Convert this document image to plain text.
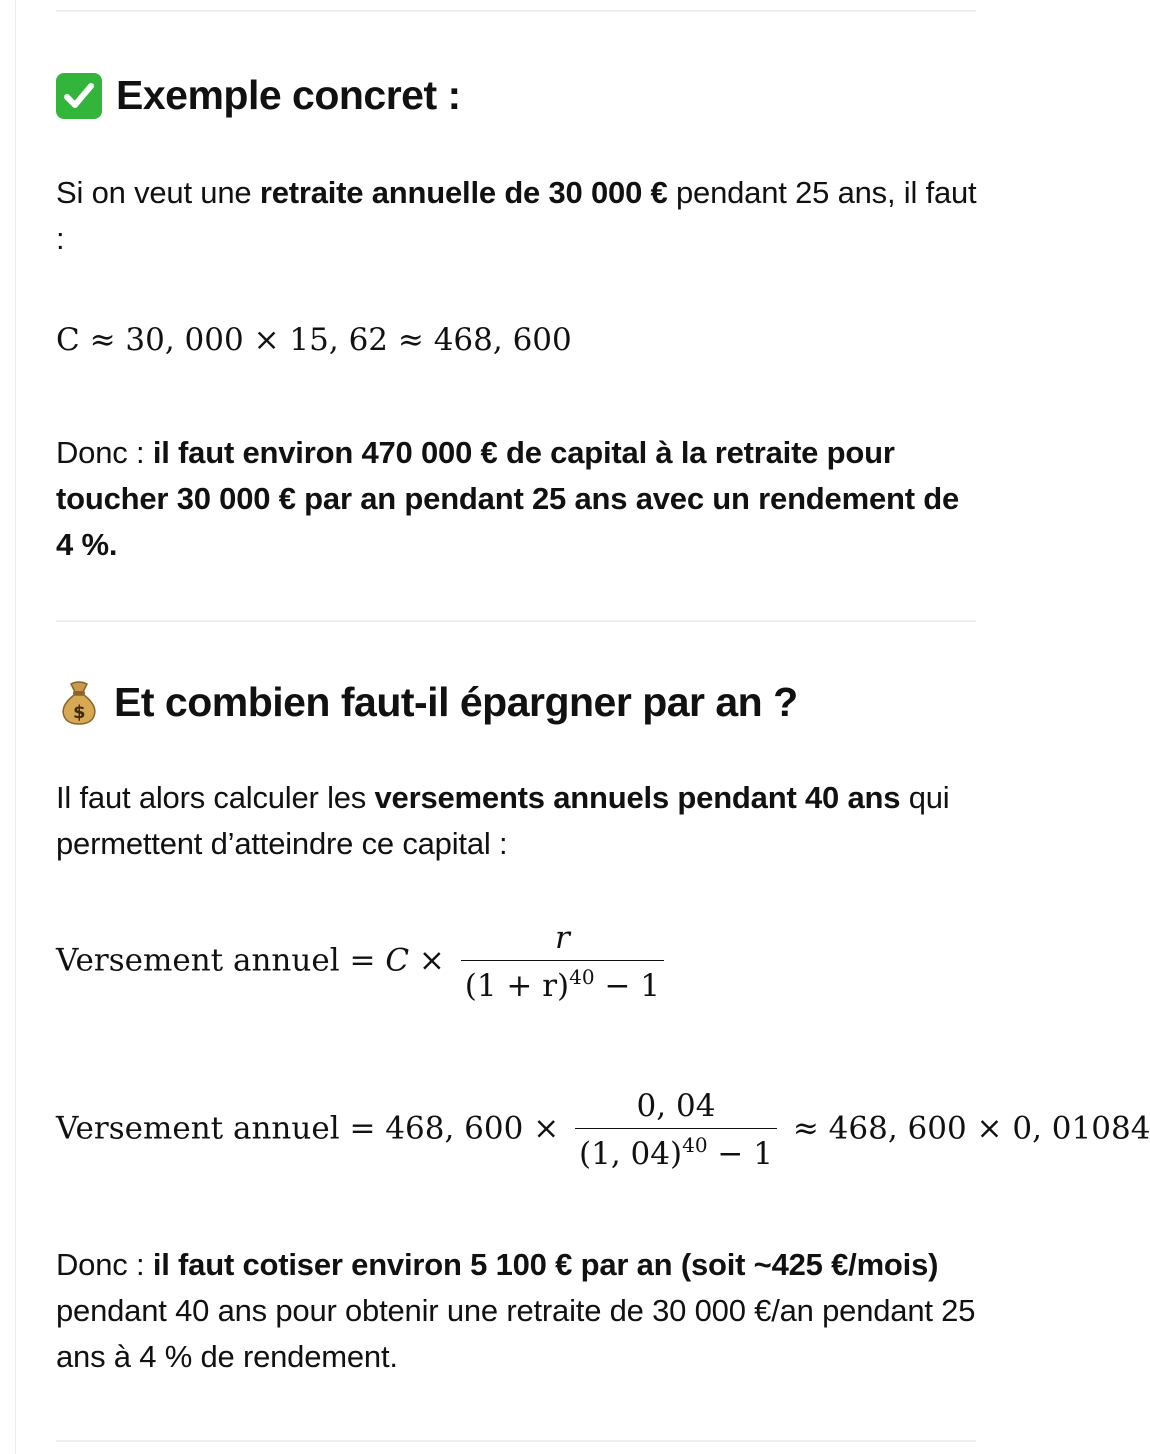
Exemple concret :

Si on veut une retraite annuelle de 30 000 € pendant 25 ans, il faut :

C ≈ 30, 000 × 15, 62 ≈ 468, 600

Donc : il faut environ 470 000 € de capital à la retraite pour toucher 30 000 € par an pendant 25 ans avec un rendement de 4 %.

$ Et combien faut-il épargner par an ?

Il faut alors calculer les versements annuels pendant 40 ans qui permettent d’atteindre ce capital :

Versement annuel = $C \times \frac{r}{(1 + r)^{40} - 1}$
Versement annuel = 468, $600 \times \frac{0, 04}{(1, 04)^{40} - 1} \approx 468$, 600 × 0, 01084

Donc : il faut cotiser environ 5 100 € par an (soit ~425 €/mois) pendant 40 ans pour obtenir une retraite de 30 000 €/an pendant 25 ans à 4 % de rendement.
